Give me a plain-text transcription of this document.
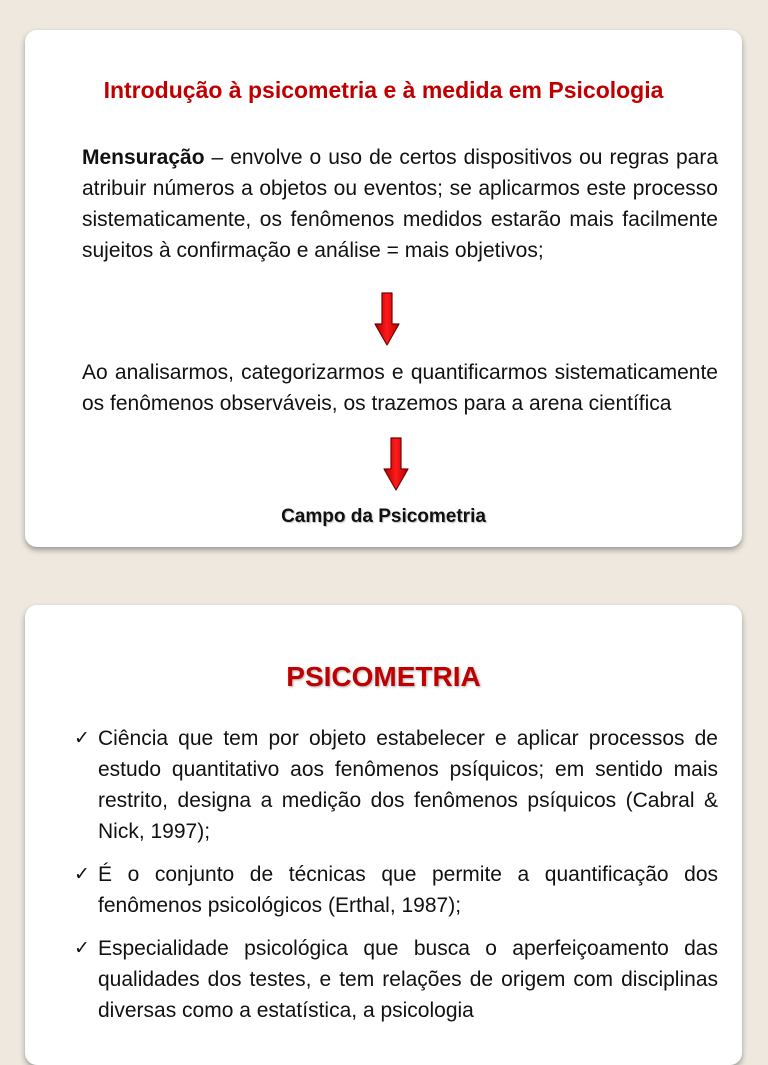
Introdução à psicometria e à medida em Psicologia
Mensuração – envolve o uso de certos dispositivos ou regras para atribuir números a objetos ou eventos; se aplicarmos este processo sistematicamente, os fenômenos medidos estarão mais facilmente sujeitos à confirmação e análise = mais objetivos;
Ao analisarmos, categorizarmos e quantificarmos sistematicamente os fenômenos observáveis, os trazemos para a arena científica
Campo da Psicometria
PSICOMETRIA
✓ Ciência que tem por objeto estabelecer e aplicar processos de estudo quantitativo aos fenômenos psíquicos; em sentido mais restrito, designa a medição dos fenômenos psíquicos (Cabral & Nick, 1997);
✓ É o conjunto de técnicas que permite a quantificação dos fenômenos psicológicos (Erthal, 1987);
✓ Especialidade psicológica que busca o aperfeiçoamento das qualidades dos testes, e tem relações de origem com disciplinas diversas como a estatística, a psicologia
